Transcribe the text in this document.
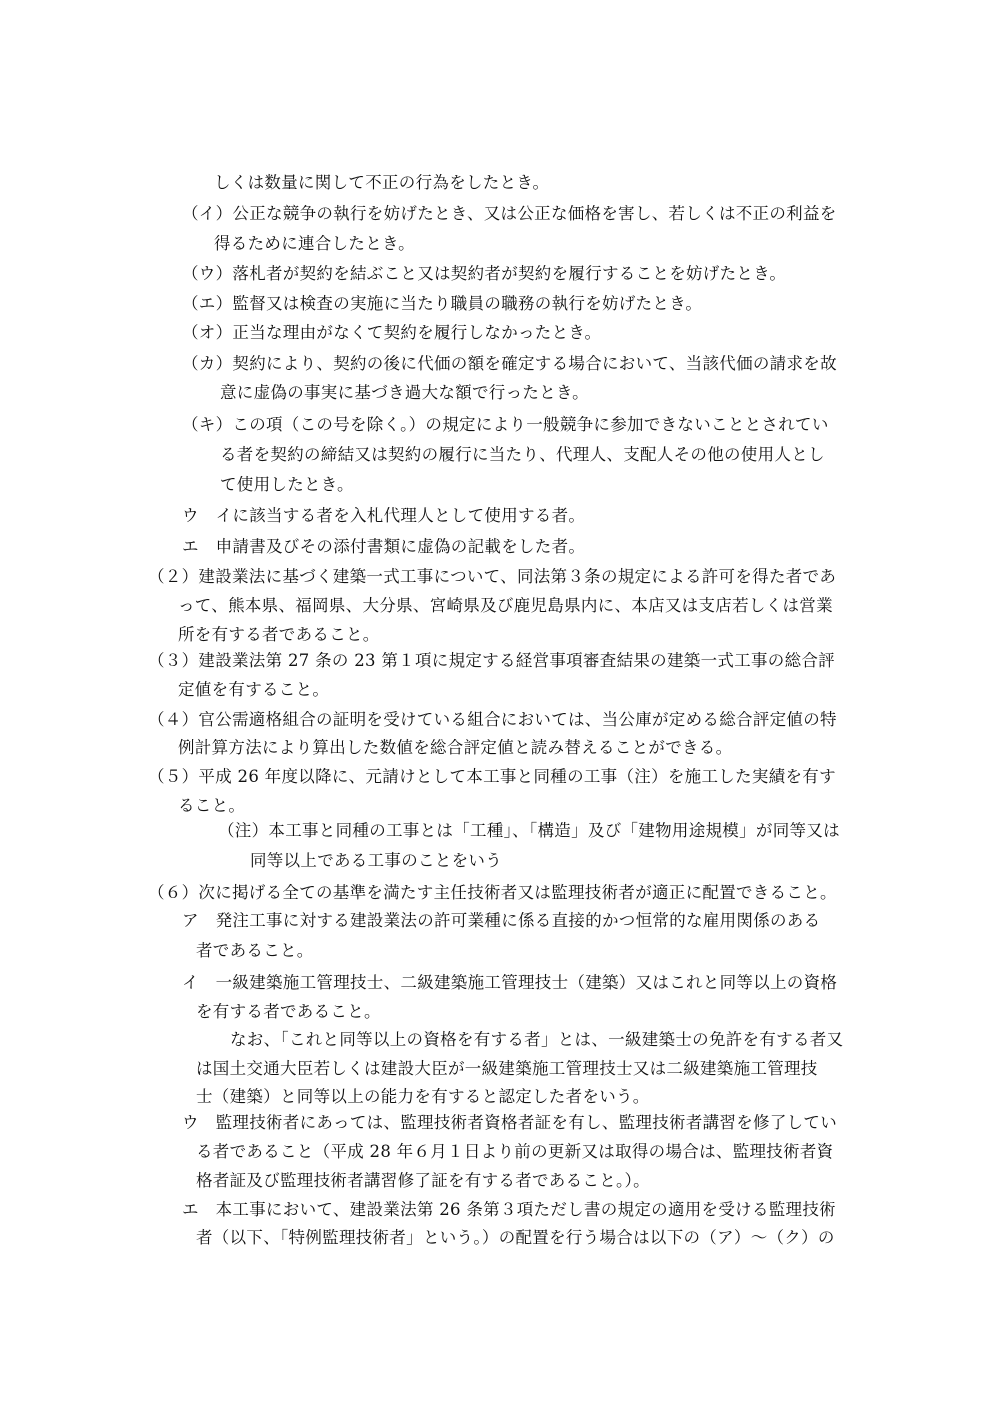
しくは数量に関して不正の行為をしたとき。

（イ）公正な競争の執行を妨げたとき、又は公正な価格を害し、若しくは不正の利益を

得るために連合したとき。

（ウ）落札者が契約を結ぶこと又は契約者が契約を履行することを妨げたとき。

（エ）監督又は検査の実施に当たり職員の職務の執行を妨げたとき。

（オ）正当な理由がなくて契約を履行しなかったとき。

（カ）契約により、契約の後に代価の額を確定する場合において、当該代価の請求を故

意に虚偽の事実に基づき過大な額で行ったとき。

（キ）この項（この号を除く。）の規定により一般競争に参加できないこととされてい

る者を契約の締結又は契約の履行に当たり、代理人、支配人その他の使用人とし

て使用したとき。

ウ　イに該当する者を入札代理人として使用する者。

エ　申請書及びその添付書類に虚偽の記載をした者。

（２）建設業法に基づく建築一式工事について、同法第３条の規定による許可を得た者であ

って、熊本県、福岡県、大分県、宮崎県及び鹿児島県内に、本店又は支店若しくは営業

所を有する者であること。

（３）建設業法第 27 条の 23 第１項に規定する経営事項審査結果の建築一式工事の総合評

定値を有すること。

（４）官公需適格組合の証明を受けている組合においては、当公庫が定める総合評定値の特

例計算方法により算出した数値を総合評定値と読み替えることができる。

（５）平成 26 年度以降に、元請けとして本工事と同種の工事（注）を施工した実績を有す

ること。

（注）本工事と同種の工事とは「工種」、「構造」及び「建物用途規模」が同等又は

同等以上である工事のことをいう

（６）次に掲げる全ての基準を満たす主任技術者又は監理技術者が適正に配置できること。

ア　発注工事に対する建設業法の許可業種に係る直接的かつ恒常的な雇用関係のある

者であること。

イ　一級建築施工管理技士、二級建築施工管理技士（建築）又はこれと同等以上の資格

を有する者であること。

なお、「これと同等以上の資格を有する者」とは、一級建築士の免許を有する者又

は国土交通大臣若しくは建設大臣が一級建築施工管理技士又は二級建築施工管理技

士（建築）と同等以上の能力を有すると認定した者をいう。

ウ　監理技術者にあっては、監理技術者資格者証を有し、監理技術者講習を修了してい

る者であること（平成 28 年６月１日より前の更新又は取得の場合は、監理技術者資

格者証及び監理技術者講習修了証を有する者であること。）。

エ　本工事において、建設業法第 26 条第３項ただし書の規定の適用を受ける監理技術

者（以下、「特例監理技術者」という。）の配置を行う場合は以下の（ア）〜（ク）の
